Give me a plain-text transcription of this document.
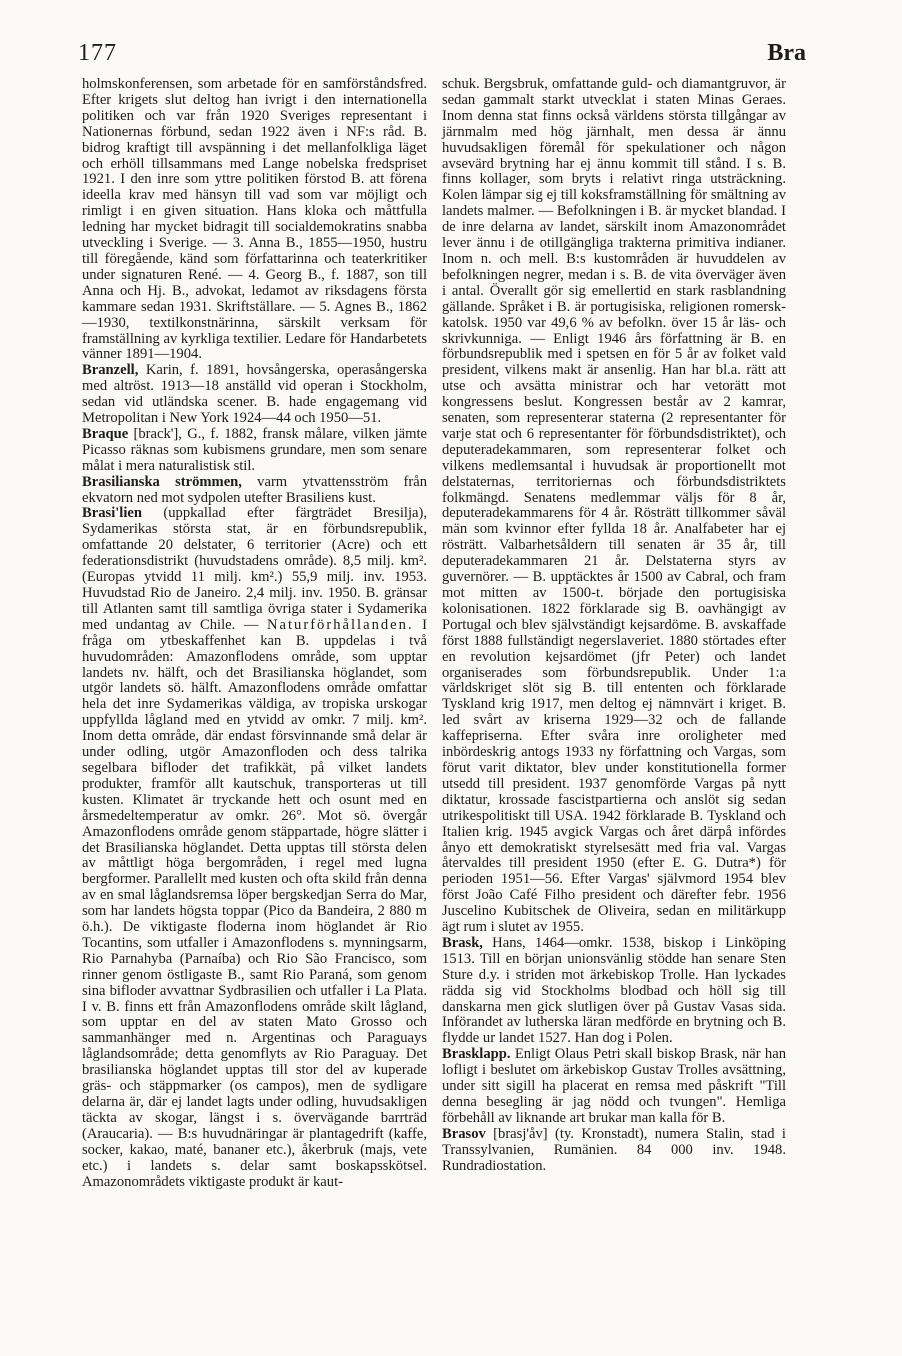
177	Bra

holmskonferensen, som arbetade för en samförståndsfred. Efter krigets slut deltog han ivrigt i den internationella politiken och var från 1920 Sveriges representant i Nationernas förbund, sedan 1922 även i NF:s råd. B. bidrog kraftigt till avspänning i det mellanfolkliga läget och erhöll tillsammans med Lange nobelska fredspriset 1921. I den inre som yttre politiken förstod B. att förena ideella krav med hänsyn till vad som var möjligt och rimligt i en given situation. Hans kloka och måttfulla ledning har mycket bidragit till socialdemokratins snabba utveckling i Sverige. — 3. Anna B., 1855—1950, hustru till föregående, känd som författarinna och teaterkritiker under signaturen René. — 4. Georg B., f. 1887, son till Anna och Hj. B., advokat, ledamot av riksdagens första kammare sedan 1931. Skriftställare. — 5. Agnes B., 1862—1930, textilkonstnärinna, särskilt verksam för framställning av kyrkliga textilier. Ledare för Handarbetets vänner 1891—1904.

Branzell, Karin, f. 1891, hovsångerska, operasångerska med altröst. 1913—18 anställd vid operan i Stockholm, sedan vid utländska scener. B. hade engagemang vid Metropolitan i New York 1924—44 och 1950—51.

Braque [brack'], G., f. 1882, fransk målare, vilken jämte Picasso räknas som kubismens grundare, men som senare målat i mera naturalistisk stil.

Brasilianska strömmen, varm ytvattensström från ekvatorn ned mot sydpolen utefter Brasiliens kust.

Brasi'lien (uppkallad efter färgträdet Bresilja), Sydamerikas största stat, är en förbundsrepublik, omfattande 20 delstater, 6 territorier (Acre) och ett federationsdistrikt (huvudstadens område). 8,5 milj. km². (Europas ytvidd 11 milj. km².) 55,9 milj. inv. 1953. Huvudstad Rio de Janeiro. 2,4 milj. inv. 1950. B. gränsar till Atlanten samt till samtliga övriga stater i Sydamerika med undantag av Chile. — Naturförhållanden. I fråga om ytbeskaffenhet kan B. uppdelas i två huvudområden: Amazonflodens område, som upptar landets nv. hälft, och det Brasilianska höglandet, som utgör landets sö. hälft. Amazonflodens område omfattar hela det inre Sydamerikas väldiga, av tropiska urskogar uppfyllda lågland med en ytvidd av omkr. 7 milj. km². Inom detta område, där endast försvinnande små delar är under odling, utgör Amazonfloden och dess talrika segelbara bifloder det trafikkät, på vilket landets produkter, framför allt kautschuk, transporteras ut till kusten. Klimatet är tryckande hett och osunt med en årsmedeltemperatur av omkr. 26°. Mot sö. övergår Amazonflodens område genom stäppartade, högre slätter i det Brasilianska höglandet. Detta upptas till största delen av måttligt höga bergområden, i regel med lugna bergformer. Parallellt med kusten och ofta skild från denna av en smal låglandsremsa löper bergskedjan Serra do Mar, som har landets högsta toppar (Pico da Bandeira, 2 880 m ö.h.). De viktigaste floderna inom höglandet är Rio Tocantins, som utfaller i Amazonflodens s. mynningsarm, Rio Parnahyba (Parnaíba) och Rio São Francisco, som rinner genom östligaste B., samt Rio Paraná, som genom sina bifloder avvattnar Sydbrasilien och utfaller i La Plata. I v. B. finns ett från Amazonflodens område skilt lågland, som upptar en del av staten Mato Grosso och sammanhänger med n. Argentinas och Paraguays låglandsområde; detta genomflyts av Rio Paraguay. Det brasilianska höglandet upptas till stor del av kuperade gräs- och stäppmarker (os campos), men de sydligare delarna är, där ej landet lagts under odling, huvudsakligen täckta av skogar, längst i s. övervägande barrträd (Araucaria). — B:s huvudnäringar är plantagedrift (kaffe, socker, kakao, maté, bananer etc.), åkerbruk (majs, vete etc.) i landets s. delar samt boskapsskötsel. Amazonområdets viktigaste produkt är kaut-

schuk. Bergsbruk, omfattande guld- och diamantgruvor, är sedan gammalt starkt utvecklat i staten Minas Geraes. Inom denna stat finns också världens största tillgångar av järnmalm med hög järnhalt, men dessa är ännu huvudsakligen föremål för spekulationer och någon avsevärd brytning har ej ännu kommit till stånd. I s. B. finns kollager, som bryts i relativt ringa utsträckning. Kolen lämpar sig ej till koksframställning för smältning av landets malmer. — Befolkningen i B. är mycket blandad. I de inre delarna av landet, särskilt inom Amazonområdet lever ännu i de otillgängliga trakterna primitiva indianer. Inom n. och mell. B:s kustområden är huvuddelen av befolkningen negrer, medan i s. B. de vita överväger även i antal. Överallt gör sig emellertid en stark rasblandning gällande. Språket i B. är portugisiska, religionen romersk-katolsk. 1950 var 49,6 % av befolkn. över 15 år läs- och skrivkunniga. — Enligt 1946 års författning är B. en förbundsrepublik med i spetsen en för 5 år av folket vald president, vilkens makt är ansenlig. Han har bl.a. rätt att utse och avsätta ministrar och har vetorätt mot kongressens beslut. Kongressen består av 2 kamrar, senaten, som representerar staterna (2 representanter för varje stat och 6 representanter för förbundsdistriktet), och deputeradekammaren, som representerar folket och vilkens medlemsantal i huvudsak är proportionellt mot delstaternas, territoriernas och förbundsdistriktets folkmängd. Senatens medlemmar väljs för 8 år, deputeradekammarens för 4 år. Rösträtt tillkommer såväl män som kvinnor efter fyllda 18 år. Analfabeter har ej rösträtt. Valbarhetsåldern till senaten är 35 år, till deputeradekammaren 21 år. Delstaterna styrs av guvernörer. — B. upptäcktes år 1500 av Cabral, och fram mot mitten av 1500-t. började den portugisiska kolonisationen. 1822 förklarade sig B. oavhängigt av Portugal och blev självständigt kejsardöme. B. avskaffade först 1888 fullständigt negerslaveriet. 1880 störtades efter en revolution kejsardömet (jfr Peter) och landet organiserades som förbundsrepublik. Under 1:a världskriget slöt sig B. till ententen och förklarade Tyskland krig 1917, men deltog ej nämnvärt i kriget. B. led svårt av kriserna 1929—32 och de fallande kaffepriserna. Efter svåra inre oroligheter med inbördeskrig antogs 1933 ny författning och Vargas, som förut varit diktator, blev under konstitutionella former utsedd till president. 1937 genomförde Vargas på nytt diktatur, krossade fascistpartierna och anslöt sig sedan utrikespolitiskt till USA. 1942 förklarade B. Tyskland och Italien krig. 1945 avgick Vargas och året därpå infördes ånyo ett demokratiskt styrelsesätt med fria val. Vargas återvaldes till president 1950 (efter E. G. Dutra*) för perioden 1951—56. Efter Vargas' självmord 1954 blev först João Café Filho president och därefter febr. 1956 Juscelino Kubitschek de Oliveira, sedan en militärkupp ägt rum i slutet av 1955.

Brask, Hans, 1464—omkr. 1538, biskop i Linköping 1513. Till en början unionsvänlig stödde han senare Sten Sture d.y. i striden mot ärkebiskop Trolle. Han lyckades rädda sig vid Stockholms blodbad och höll sig till danskarna men gick slutligen över på Gustav Vasas sida. Införandet av lutherska läran medförde en brytning och B. flydde ur landet 1527. Han dog i Polen.

Brasklapp. Enligt Olaus Petri skall biskop Brask, när han lofligt i beslutet om ärkebiskop Gustav Trolles avsättning, under sitt sigill ha placerat en remsa med påskrift "Till denna besegling är jag nödd och tvungen". Hemliga förbehåll av liknande art brukar man kalla för B.

Brasov [brasj'åv] (ty. Kronstadt), numera Stalin, stad i Transsylvanien, Rumänien. 84 000 inv. 1948. Rundradiostation.
